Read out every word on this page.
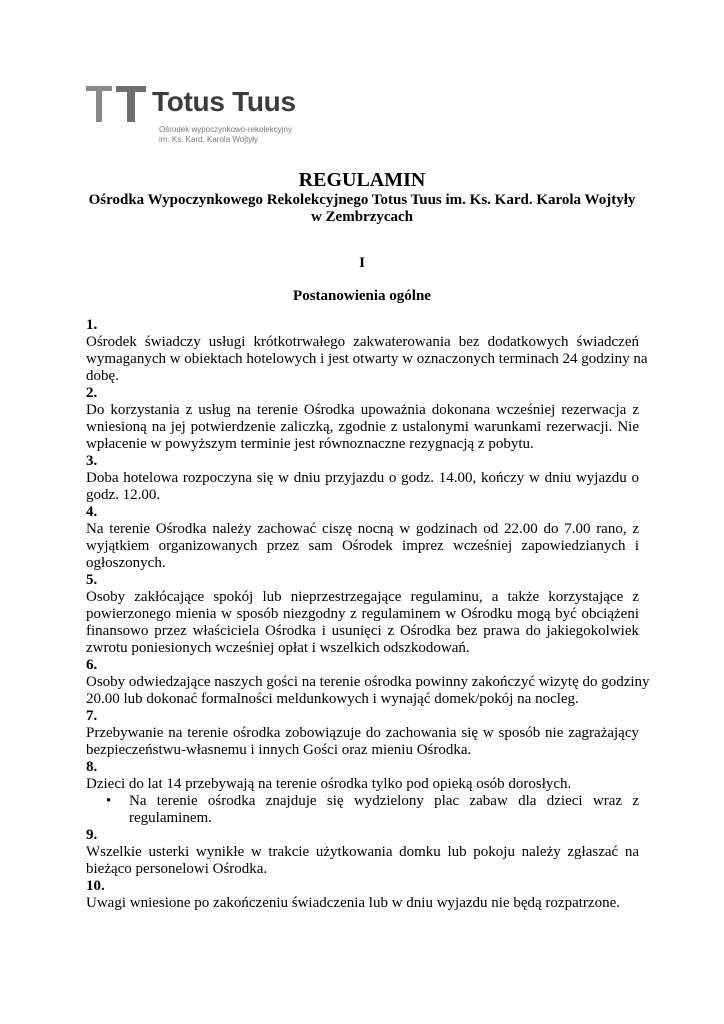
Totus Tuus
Ośrodek wypoczynkowo-rekolekcyjny
im. Ks. Kard. Karola Wojtyły
REGULAMIN
Ośrodka Wypoczynkowego Rekolekcyjnego Totus Tuus im. Ks. Kard. Karola Wojtyły
w Zembrzycach
I
Postanowienia ogólne
1.
Ośrodek świadczy usługi krótkotrwałego zakwaterowania bez dodatkowych świadczeń
wymaganych w obiektach hotelowych i jest otwarty w oznaczonych terminach 24 godziny na
dobę.
2.
Do korzystania z usług na terenie Ośrodka upoważnia dokonana wcześniej rezerwacja z
wniesioną na jej potwierdzenie zaliczką, zgodnie z ustalonymi warunkami rezerwacji. Nie
wpłacenie w powyższym terminie jest równoznaczne rezygnacją z pobytu.
3.
Doba hotelowa rozpoczyna się w dniu przyjazdu o godz. 14.00, kończy w dniu wyjazdu o
godz. 12.00.
4.
Na terenie Ośrodka należy zachować ciszę nocną w godzinach od 22.00 do 7.00 rano, z
wyjątkiem organizowanych przez sam Ośrodek imprez wcześniej zapowiedzianych i
ogłoszonych.
5.
Osoby zakłócające spokój lub nieprzestrzegające regulaminu, a także korzystające z
powierzonego mienia w sposób niezgodny z regulaminem w Ośrodku mogą być obciążeni
finansowo przez właściciela Ośrodka i usunięci z Ośrodka bez prawa do jakiegokolwiek
zwrotu poniesionych wcześniej opłat i wszelkich odszkodowań.
6.
Osoby odwiedzające naszych gości na terenie ośrodka powinny zakończyć wizytę do godziny
20.00 lub dokonać formalności meldunkowych i wynająć domek/pokój na nocleg.
7.
Przebywanie na terenie ośrodka zobowiązuje do zachowania się w sposób nie zagrażający
bezpieczeństwu-własnemu i innych Gości oraz mieniu Ośrodka.
8.
Dzieci do lat 14 przebywają na terenie ośrodka tylko pod opieką osób dorosłych.
• Na terenie ośrodka znajduje się wydzielony plac zabaw dla dzieci wraz z
regulaminem.
9.
Wszelkie usterki wynikłe w trakcie użytkowania domku lub pokoju należy zgłaszać na
bieżąco personelowi Ośrodka.
10.
Uwagi wniesione po zakończeniu świadczenia lub w dniu wyjazdu nie będą rozpatrzone.
